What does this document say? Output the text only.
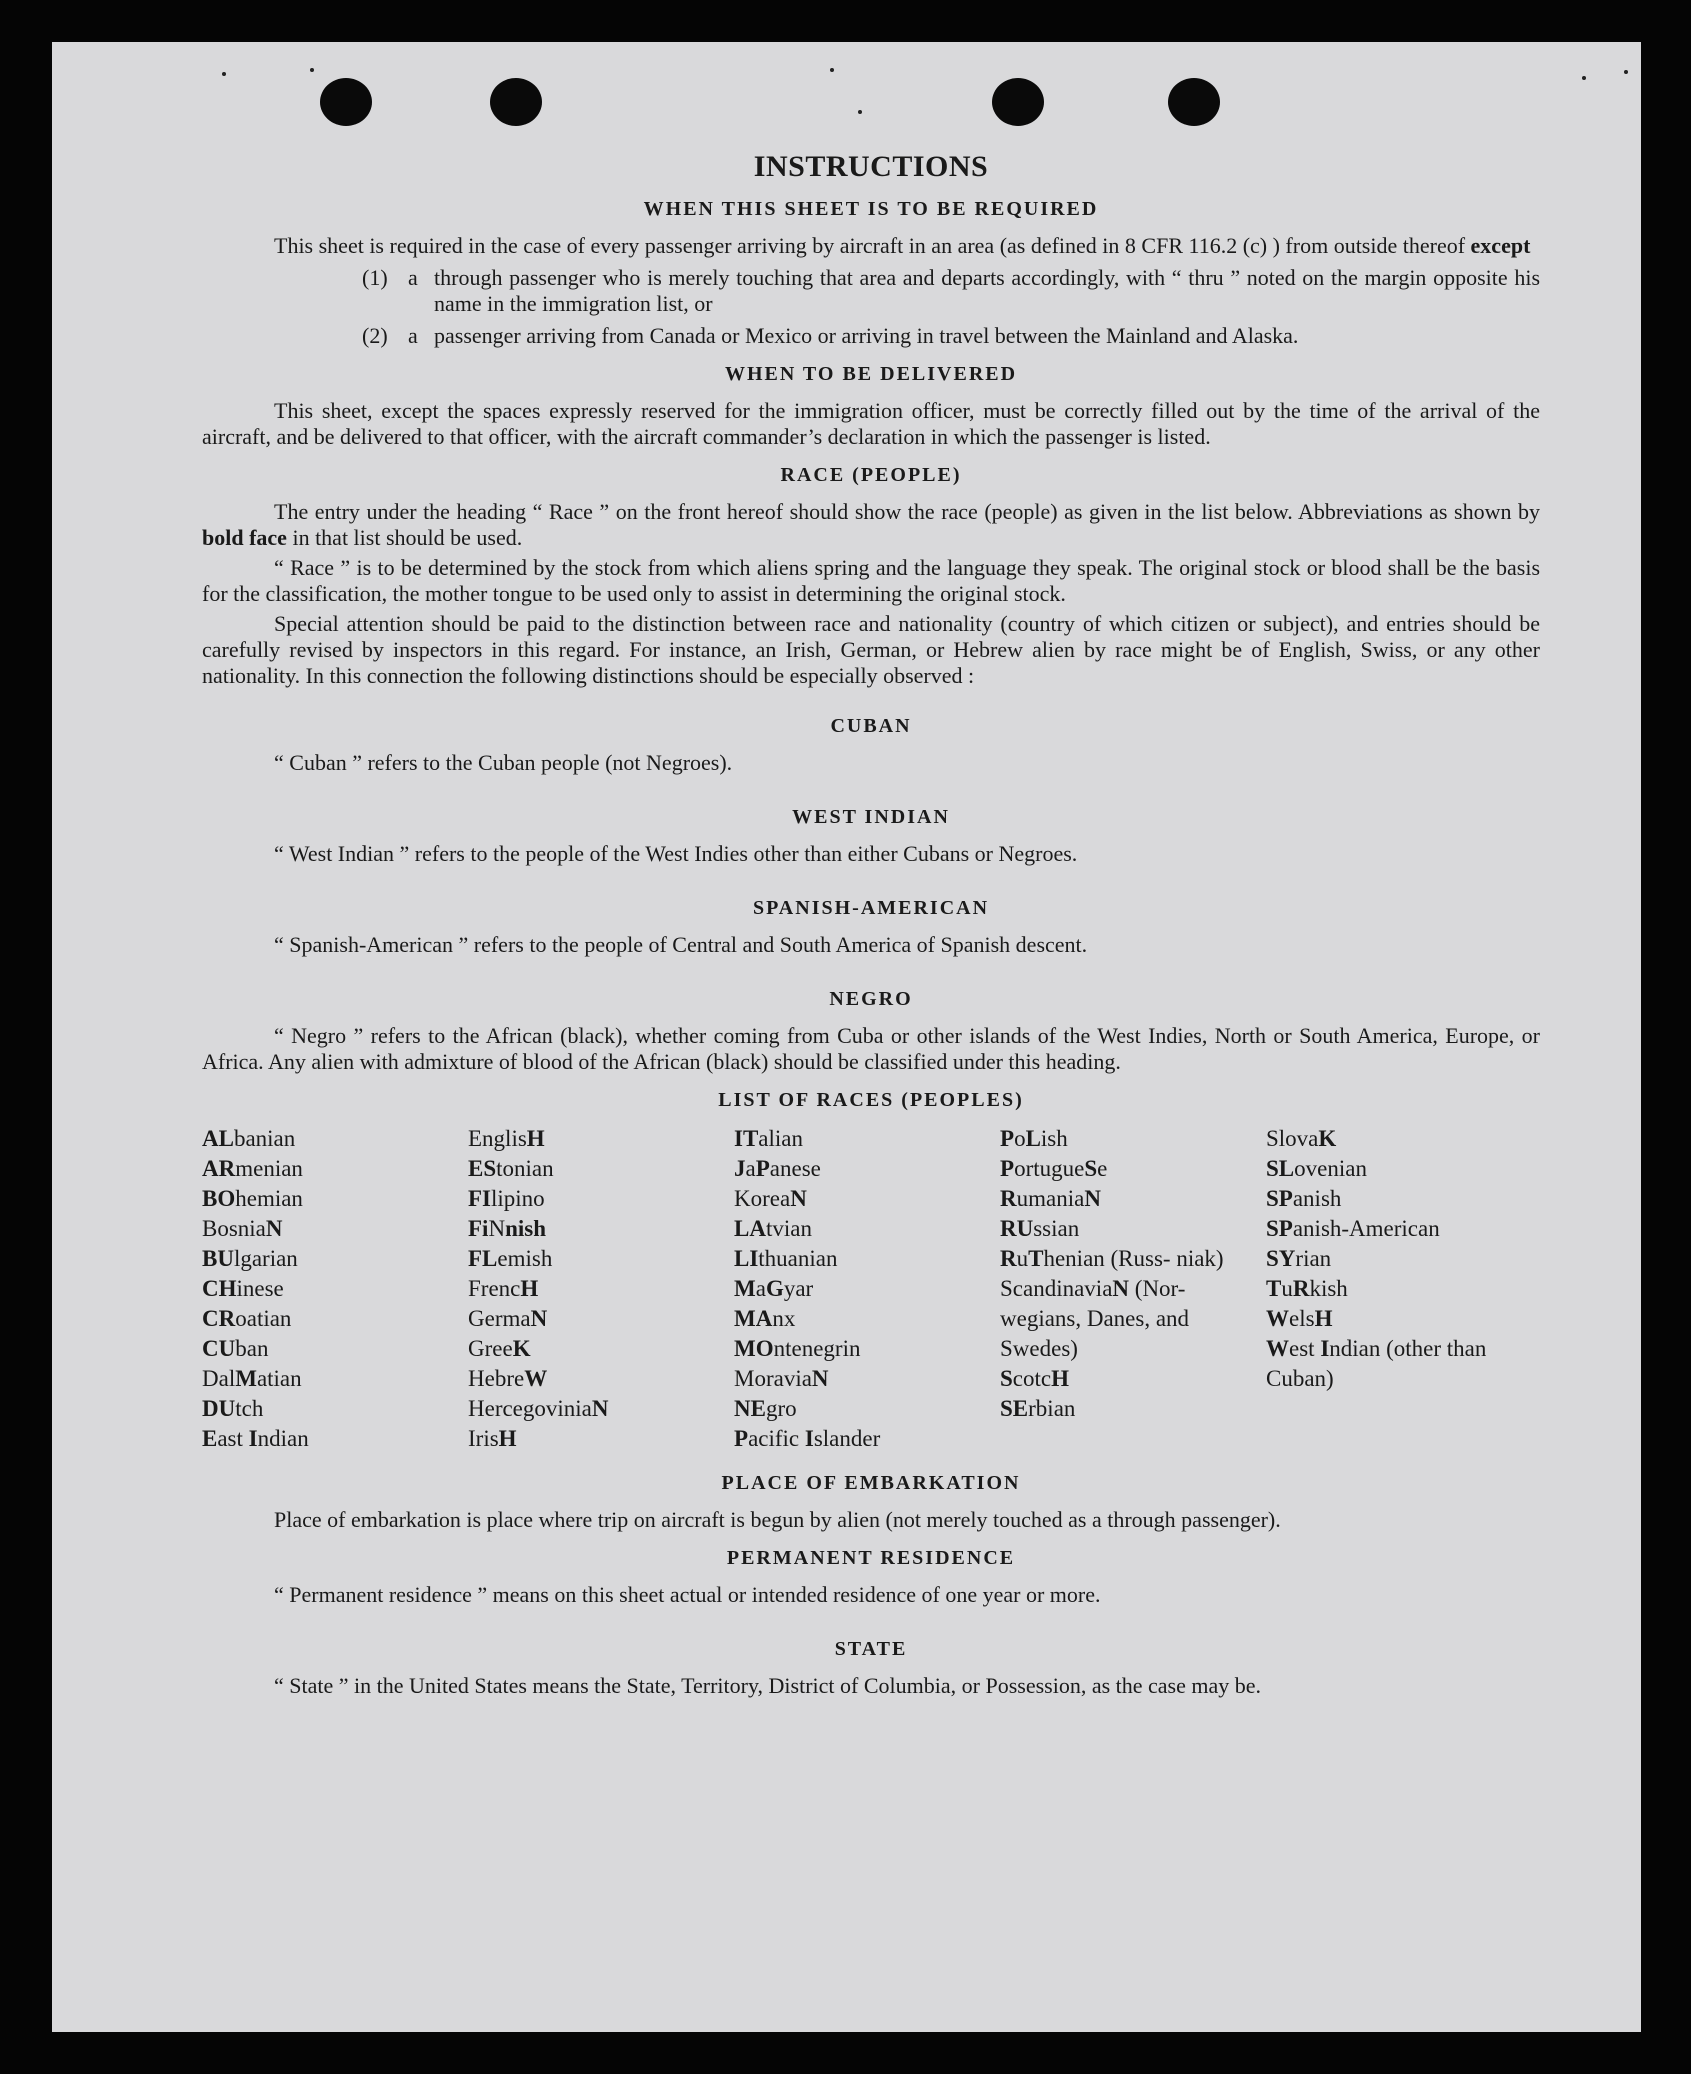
INSTRUCTIONS
WHEN THIS SHEET IS TO BE REQUIRED

This sheet is required in the case of every passenger arriving by aircraft in an area (as defined in 8 CFR 116.2 (c) ) from outside thereof except

(1) a through passenger who is merely touching that area and departs accordingly, with “ thru ” noted on the margin opposite his name in the immigration list, or
(2) a passenger arriving from Canada or Mexico or arriving in travel between the Mainland and Alaska.
WHEN TO BE DELIVERED

This sheet, except the spaces expressly reserved for the immigration officer, must be correctly filled out by the time of the arrival of the aircraft, and be delivered to that officer, with the aircraft commander’s declaration in which the passenger is listed.

RACE (PEOPLE)

The entry under the heading “ Race ” on the front hereof should show the race (people) as given in the list below. Abbreviations as shown by bold face in that list should be used.

“ Race ” is to be determined by the stock from which aliens spring and the language they speak. The original stock or blood shall be the basis for the classification, the mother tongue to be used only to assist in determining the original stock.

Special attention should be paid to the distinction between race and nationality (country of which citizen or subject), and entries should be carefully revised by inspectors in this regard. For instance, an Irish, German, or Hebrew alien by race might be of English, Swiss, or any other nationality. In this connection the following distinctions should be especially observed :

CUBAN
“ Cuban ” refers to the Cuban people (not Negroes).
WEST INDIAN
“ West Indian ” refers to the people of the West Indies other than either Cubans or Negroes.
SPANISH-AMERICAN
“ Spanish-American ” refers to the people of Central and South America of Spanish descent.
NEGRO

“ Negro ” refers to the African (black), whether coming from Cuba or other islands of the West Indies, North or South America, Europe, or Africa. Any alien with admixture of blood of the African (black) should be classified under this heading.

LIST OF RACES (PEOPLES)
ALbanian
ARmenian
BOhemian
BosniaN
BUlgarian
CHinese
CRoatian
CUban
DalMatian
DUtch
East Indian
EnglisH
EStonian
FIlipino
FiNnish
FLemish
FrencH
GermaN
GreeK
HebreW
HercegoviniaN
IrisH
ITalian
JaPanese
KoreaN
LAtvian
LIthuanian
MaGyar
MAnx
MOntenegrin
MoraviaN
NEgro
Pacific Islander
PoLish
PortugueSe
RumaniaN
RUssian
RuThenian (Russ- niak)
ScandinaviaN (Nor- wegians, Danes, and Swedes)
ScotcH
SErbian
SlovaK
SLovenian
SPanish
SPanish-American
SYrian
TuRkish
WelsH
West Indian (other than Cuban)
PLACE OF EMBARKATION

Place of embarkation is place where trip on aircraft is begun by alien (not merely touched as a through passenger).

PERMANENT RESIDENCE
“ Permanent residence ” means on this sheet actual or intended residence of one year or more.
STATE

“ State ” in the United States means the State, Territory, District of Columbia, or Possession, as the case may be.
